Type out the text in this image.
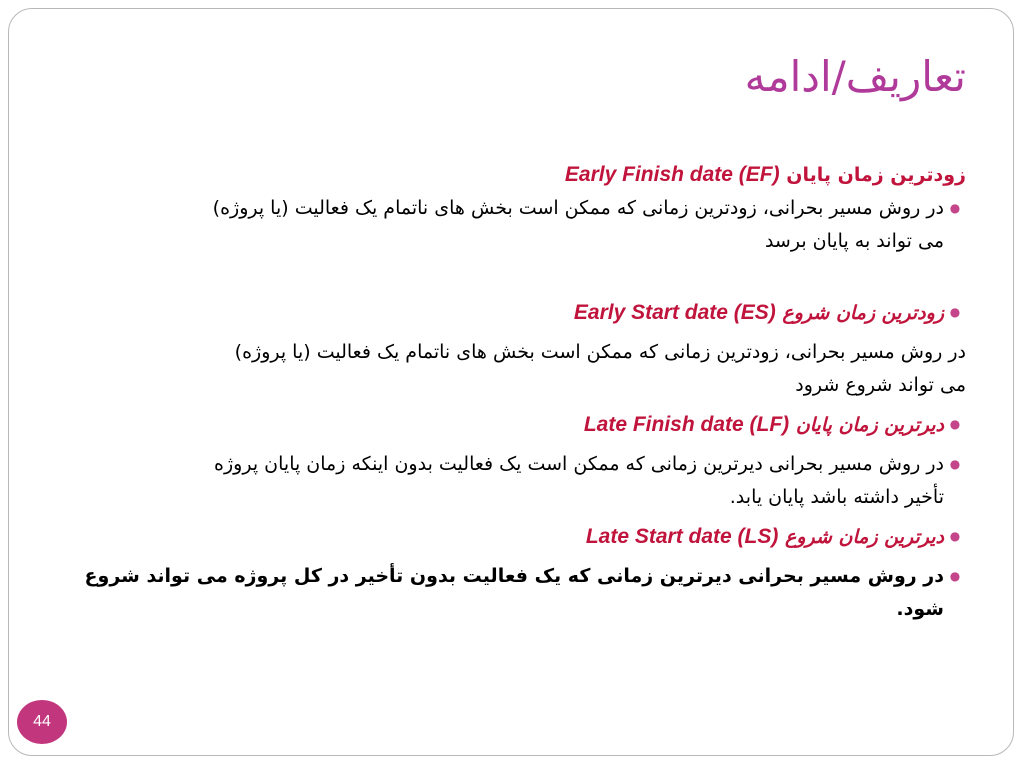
تعاریف/ادامه
زودترین زمان پایان Early Finish date (EF)
●
در روش مسیر بحرانی، زودترین زمانی که ممکن است بخش های ناتمام یک فعالیت (یا پروژه)
می تواند به پایان برسد
●
زودترین زمان شروع Early Start date (ES)
در روش مسیر بحرانی، زودترین زمانی که ممکن است بخش های ناتمام یک فعالیت (یا پروژه)
می تواند شروع شرود
●
دیرترین زمان پایان Late Finish date (LF)
●
در روش مسیر بحرانی دیرترین زمانی که ممکن است یک فعالیت بدون اینکه زمان پایان پروژه
تأخیر داشته باشد پایان یابد.
●
دیرترین زمان شروع Late Start date (LS)
●
در روش مسیر بحرانی دیرترین زمانی که یک فعالیت بدون تأخیر در کل پروژه می تواند شروع
شود.
44
